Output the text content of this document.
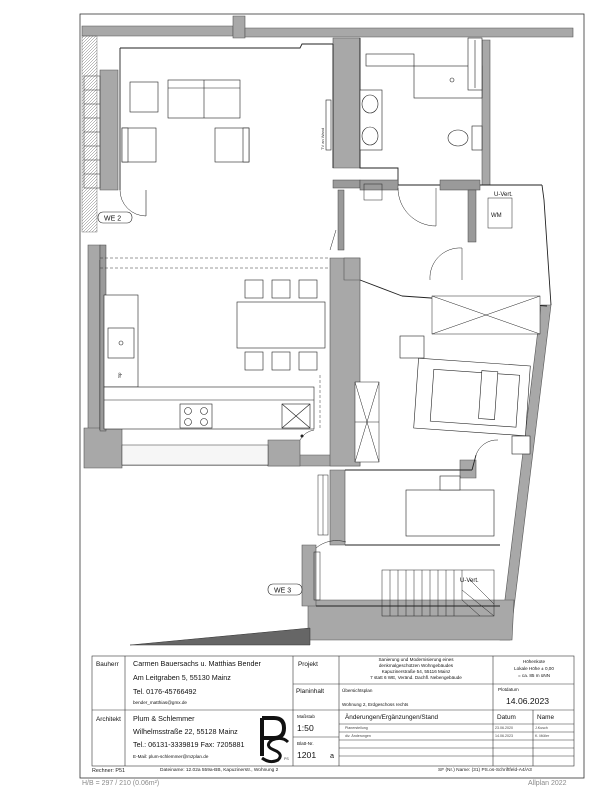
TV an Wand
Sp
WM
WE 2
WE 3
U-Vert.
U-Vert.
Bauherr Carmen Bauersachs u. Matthias Bender
Am Leitgraben 5, 55130 Mainz
Tel. 0176-45766492
bender_matthias@gmx.de
Projekt
Sanierung und Modernisierung eines
denkmalgeschützen Wohngebäudes
Kapuzinerstraße 54, 55116 Mainz
7 statt 6 WE, Veränd. Dachfl. Nebengebäude
Höhenkote
Lokale Höhe ± 0,00
= ca. 85 m üNN
Planinhalt	Übersichtsplan
Wohnung 2, Erdgeschoss rechts
Plotdatum
14.06.2023
Architekt Plum & Schlemmer
Wilhelmsstraße 22, 55128 Mainz
Tel.: 06131-3339819 Fax: 7205881
E-Mail: plum-schlemmer@mzplan.de	PS
Maßstab
1:50
Blatt-Nr.
1201 a
Änderungen/Ergänzungen/Stand	Datum	Name
Planerstellung	23.06.2020	J.Kusch
div. Änderungen	14.06.2023	K. Müller
Rechner: P51	Dateiname: 12.02a 559a-BB, Kapuzinerstr., Wohnung 2	SF (Nr.) Name: (31) PS.os-Schriftfeld-A4/A3
H/B = 297 / 210 (0.06m²)	Allplan 2022
